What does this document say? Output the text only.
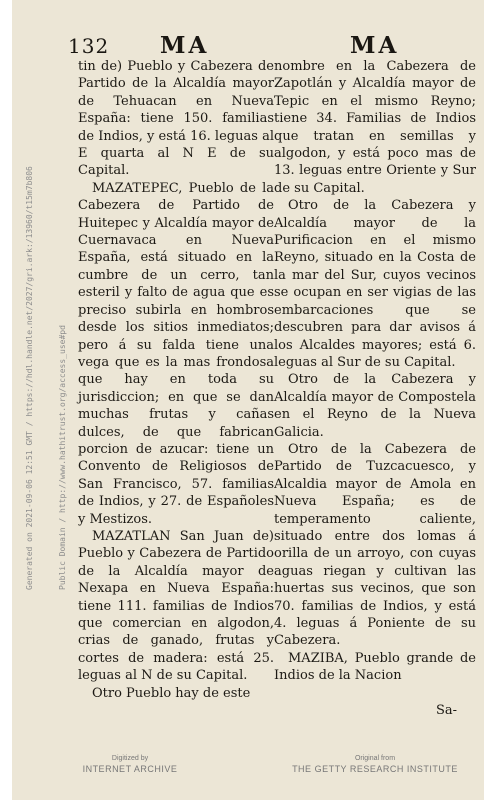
132 MA	MA

tin de) Pueblo y Cabezera de Partido de la Alcaldía mayor de Tehuacan en Nueva España: tiene 150. familias de Indios, y está 16. leguas al E quarta al N E de su Capital.

MAZATEPEC, Pueblo de la Cabezera de Partido de Huitepec y Alcaldía mayor de Cuernavaca en Nueva España, está situado en la cumbre de un cerro, tan esteril y falto de agua que es preciso subirla en hombros desde los sitios inmediatos; pero á su falda tiene una vega que es la mas frondosa que hay en toda su jurisdiccion; en que se dan muchas frutas y cañas dulces, de que fabrican porcion de azucar: tiene un Convento de Religiosos de San Francisco, 57. familias de Indios, y 27. de Españoles y Mestizos.

MAZATLAN San Juan de) Pueblo y Cabezera de Partido de la Alcaldía mayor de Nexapa en Nueva España: tiene 111. familias de Indios que comercian en algodon, crias de ganado, frutas y cortes de madera: está 25. leguas al N de su Capital.

Otro Pueblo hay de este

nombre en la Cabezera de Zapotlán y Alcaldía mayor de Tepic en el mismo Reyno; tiene 34. Familias de Indios que tratan en semillas y algodon, y está poco mas de 13. leguas entre Oriente y Sur de su Capital.

Otro de la Cabezera y Alcaldía mayor de la Purificacion en el mismo Reyno, situado en la Costa de la mar del Sur, cuyos vecinos se ocupan en ser vigias de las embarcaciones que se descubren para dar avisos á los Alcaldes mayores; está 6. leguas al Sur de su Capital.

Otro de la Cabezera y Alcaldía mayor de Compostela en el Reyno de la Nueva Galicia.

Otro de la Cabezera de Partido de Tuzcacuesco, y Alcaldia mayor de Amola en Nueva España; es de temperamento caliente, situado entre dos lomas á orilla de un arroyo, con cuyas aguas riegan y cultivan las huertas sus vecinos, que son 70. familias de Indios, y está 4. leguas á Poniente de su Cabezera.

MAZIBA, Pueblo grande de Indios de la Nacion

Sa-

Generated on 2021-09-06 12:51 GMT / https://hdl.handle.net/2027/gri.ark:/13960/t15m7b806

	Public Domain / http://www.hathitrust.org/access_use#pd

Digitized by
INTERNET ARCHIVE
Original from
THE GETTY RESEARCH INSTITUTE
